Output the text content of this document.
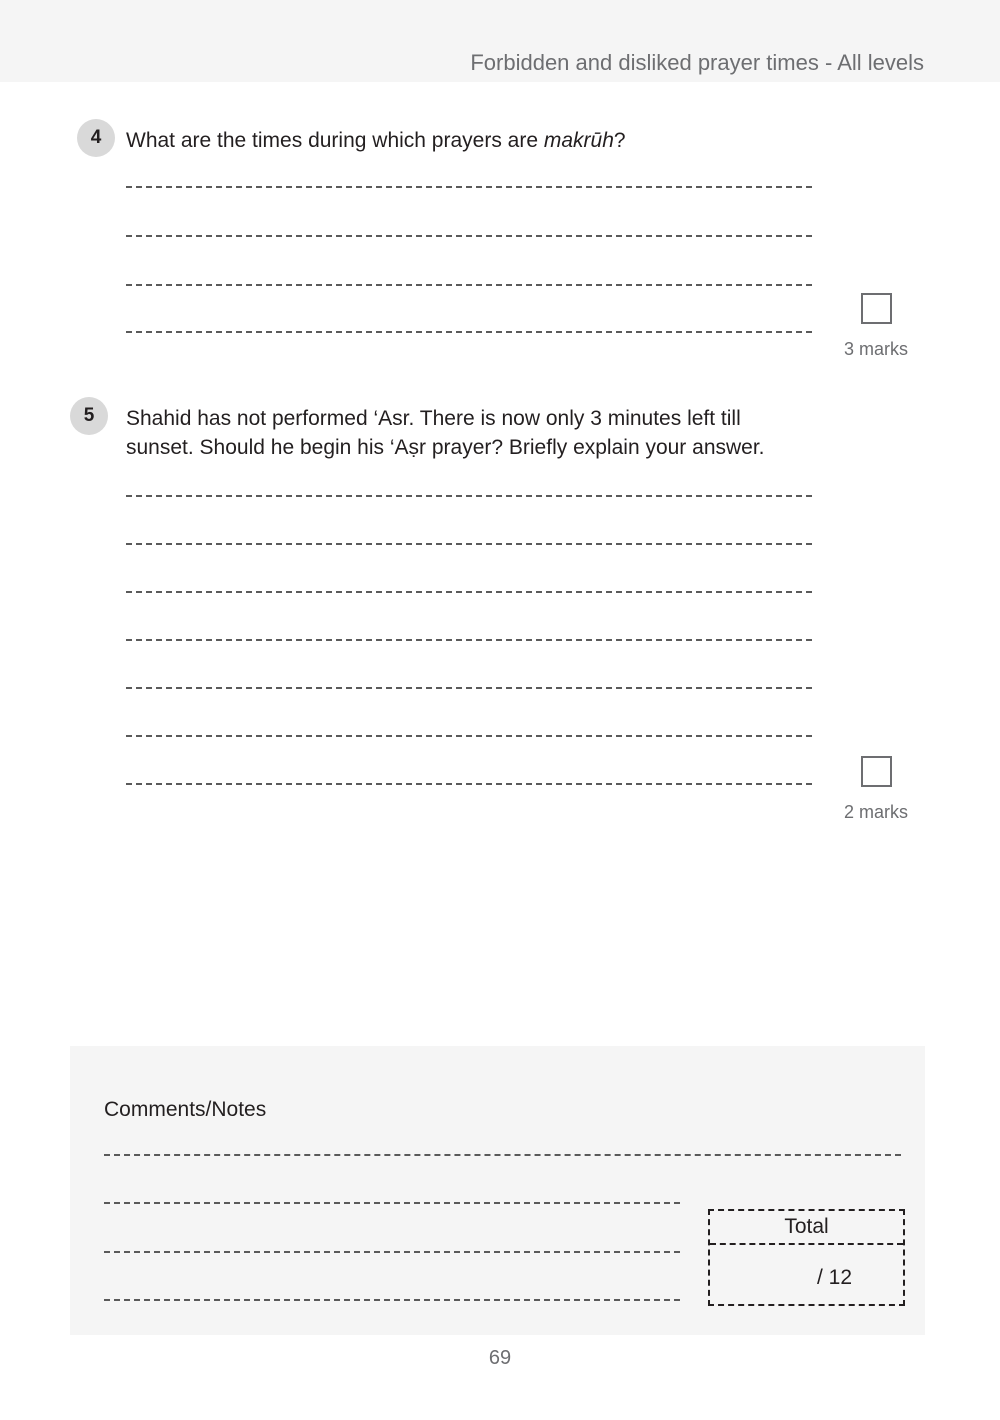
Forbidden and disliked prayer times - All levels
4	What are the times during which prayers are makrūh?
3 marks
5	Shahid has not performed ‘Asr. There is now only 3 minutes left till
sunset. Should he begin his ‘Aṣr prayer? Briefly explain your answer.
2 marks
Comments/Notes
Total
/ 12
69
